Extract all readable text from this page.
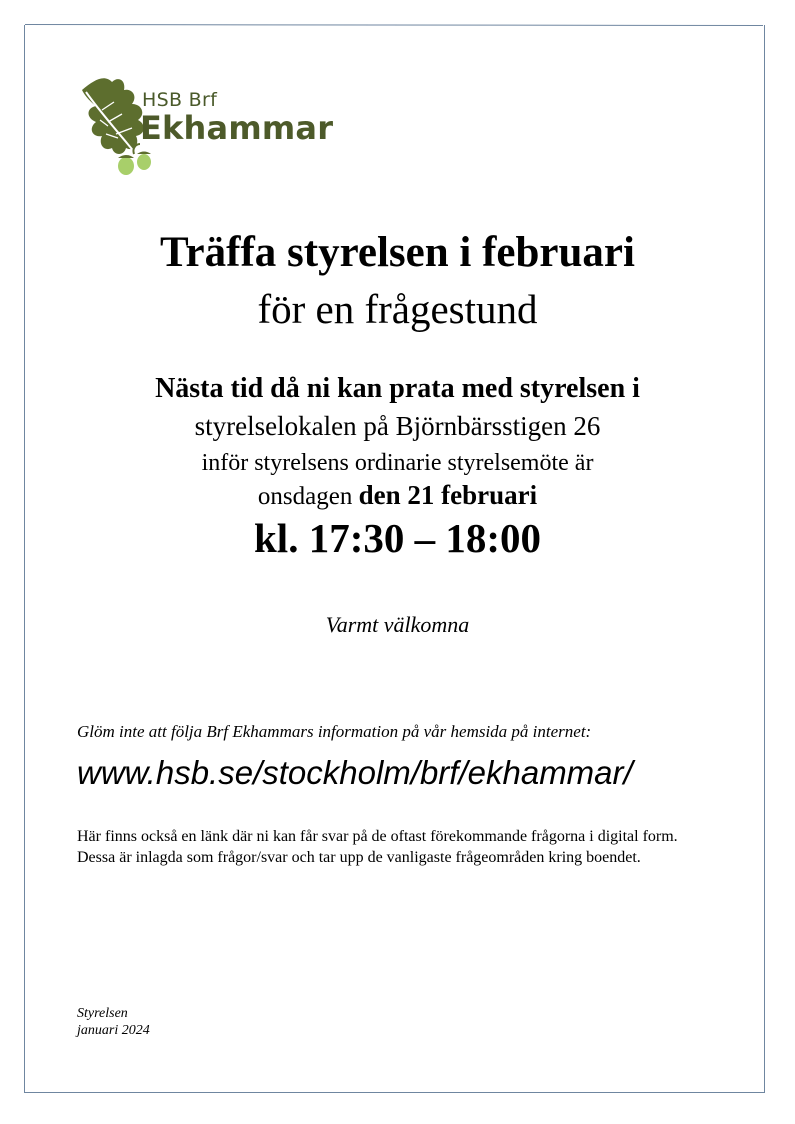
HSB Brf
Ekhammar
Träffa styrelsen i februari
för en frågestund
Nästa tid då ni kan prata med styrelsen i
styrelselokalen på Björnbärsstigen 26
inför styrelsens ordinarie styrelsemöte är
onsdagen den 21 februari
kl. 17:30 – 18:00
Varmt välkomna
Glöm inte att följa Brf Ekhammars information på vår hemsida på internet:
www.hsb.se/stockholm/brf/ekhammar/
Här finns också en länk där ni kan får svar på de oftast förekommande frågorna i digital form. Dessa är inlagda som frågor/svar och tar upp de vanligaste frågeområden kring boendet.
Styrelsen
januari 2024
